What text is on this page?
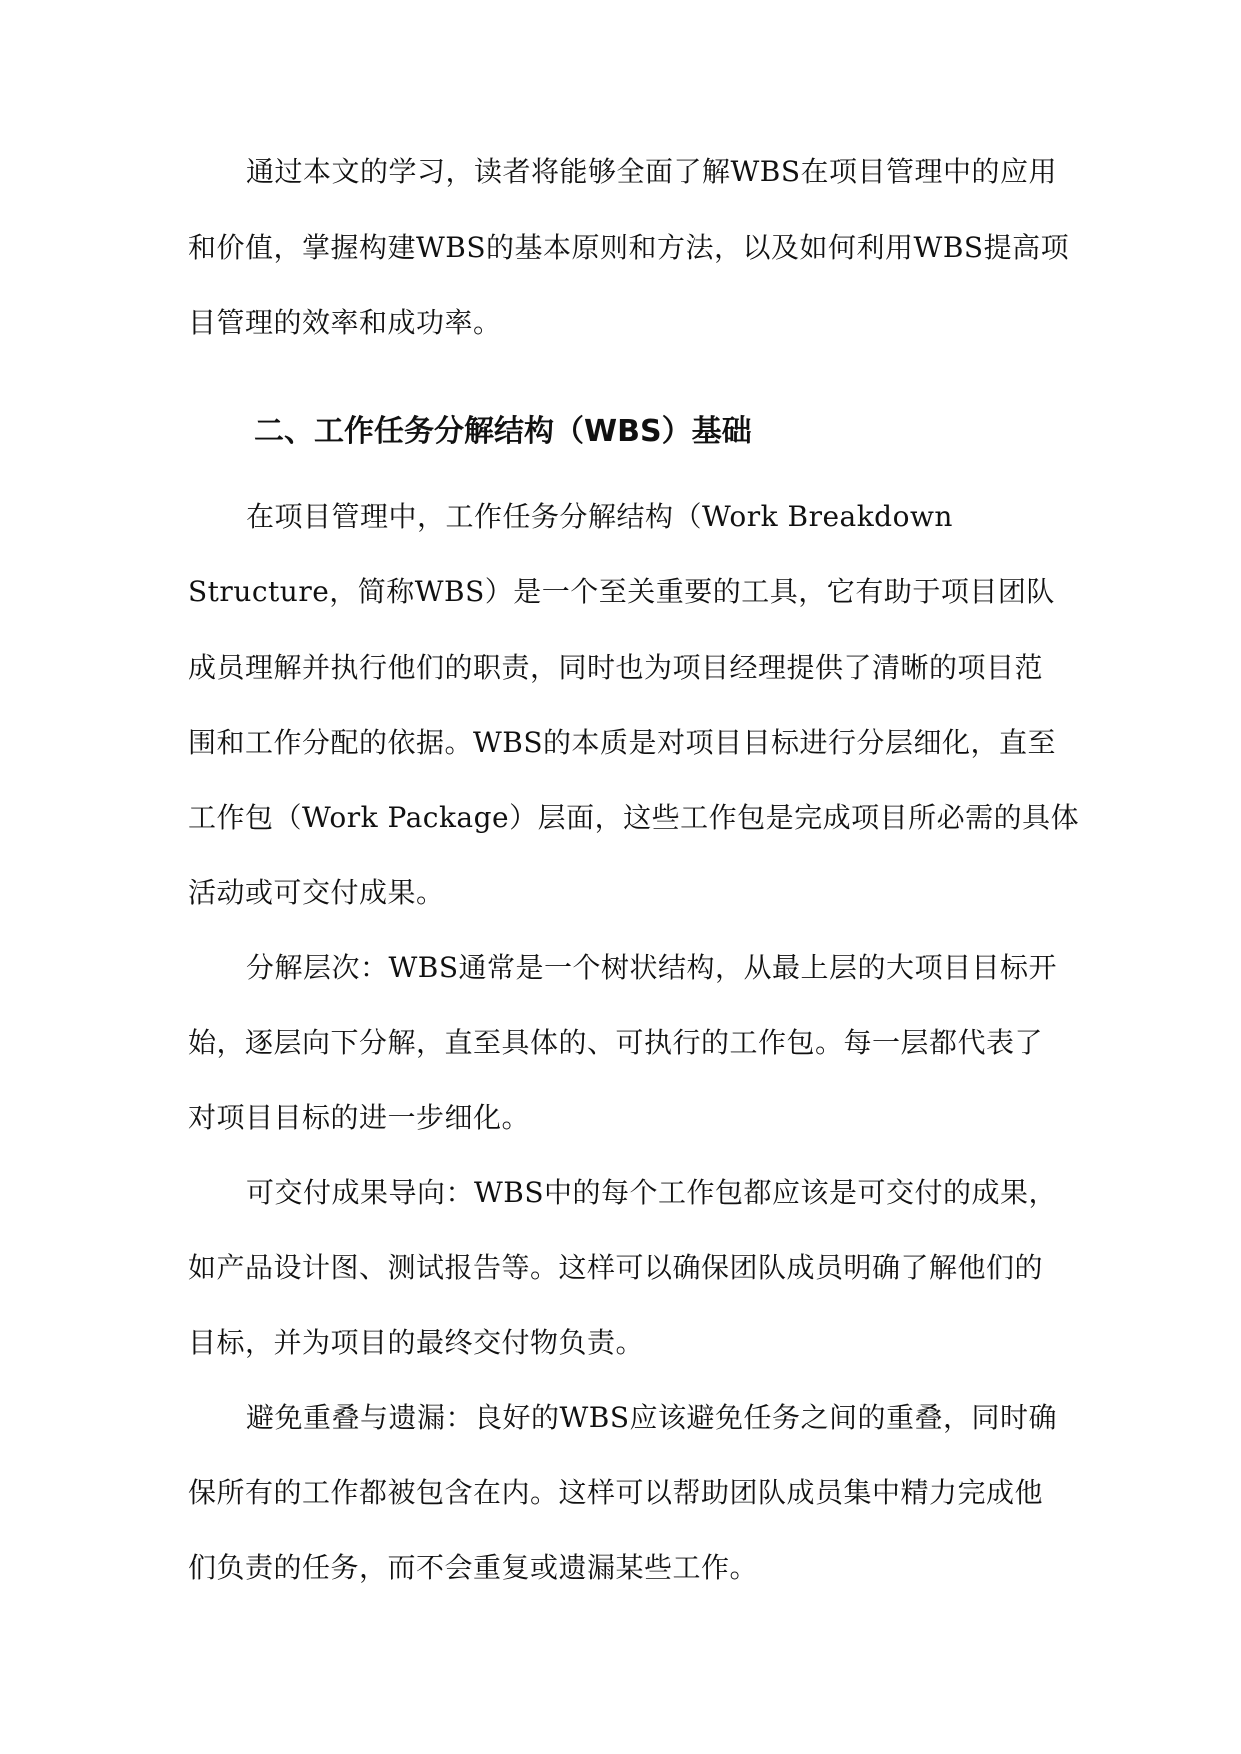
通过本文的学习，读者将能够全面了解WBS在项目管理中的应用
和价值，掌握构建WBS的基本原则和方法，以及如何利用WBS提高项
目管理的效率和成功率。
二、工作任务分解结构（WBS）基础
在项目管理中，工作任务分解结构（Work Breakdown
Structure，简称WBS）是一个至关重要的工具，它有助于项目团队
成员理解并执行他们的职责，同时也为项目经理提供了清晰的项目范
围和工作分配的依据。WBS的本质是对项目目标进行分层细化，直至
工作包（Work Package）层面，这些工作包是完成项目所必需的具体
活动或可交付成果。
分解层次：WBS通常是一个树状结构，从最上层的大项目目标开
始，逐层向下分解，直至具体的、可执行的工作包。每一层都代表了
对项目目标的进一步细化。
可交付成果导向：WBS中的每个工作包都应该是可交付的成果，
如产品设计图、测试报告等。这样可以确保团队成员明确了解他们的
目标，并为项目的最终交付物负责。
避免重叠与遗漏：良好的WBS应该避免任务之间的重叠，同时确
保所有的工作都被包含在内。这样可以帮助团队成员集中精力完成他
们负责的任务，而不会重复或遗漏某些工作。
